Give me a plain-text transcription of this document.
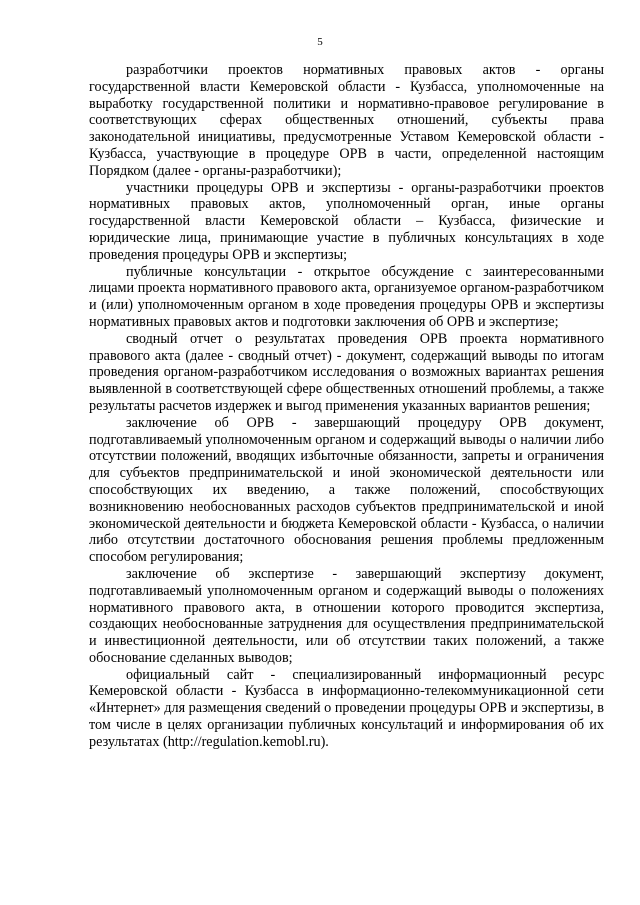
5

разработчики проектов нормативных правовых актов - органы государственной власти Кемеровской области - Кузбасса, уполномоченные на выработку государственной политики и нормативно-правовое регулирование в соответствующих сферах общественных отношений, субъекты права законодательной инициативы, предусмотренные Уставом Кемеровской области - Кузбасса, участвующие в процедуре ОРВ в части, определенной настоящим Порядком (далее - органы-разработчики);

участники процедуры ОРВ и экспертизы - органы-разработчики проектов нормативных правовых актов, уполномоченный орган, иные органы государственной власти Кемеровской области – Кузбасса, физические и юридические лица, принимающие участие в публичных консультациях в ходе проведения процедуры ОРВ и экспертизы;

публичные консультации - открытое обсуждение с заинтересованными лицами проекта нормативного правового акта, организуемое органом-разработчиком и (или) уполномоченным органом в ходе проведения процедуры ОРВ и экспертизы нормативных правовых актов и подготовки заключения об ОРВ и экспертизе;

сводный отчет о результатах проведения ОРВ проекта нормативного правового акта (далее - сводный отчет) - документ, содержащий выводы по итогам проведения органом-разработчиком исследования о возможных вариантах решения выявленной в соответствующей сфере общественных отношений проблемы, а также результаты расчетов издержек и выгод применения указанных вариантов решения;

заключение об ОРВ - завершающий процедуру ОРВ документ, подготавливаемый уполномоченным органом и содержащий выводы о наличии либо отсутствии положений, вводящих избыточные обязанности, запреты и ограничения для субъектов предпринимательской и иной экономической деятельности или способствующих их введению, а также положений, способствующих возникновению необоснованных расходов субъектов предпринимательской и иной экономической деятельности и бюджета Кемеровской области - Кузбасса, о наличии либо отсутствии достаточного обоснования решения проблемы предложенным способом регулирования;

заключение об экспертизе - завершающий экспертизу документ, подготавливаемый уполномоченным органом и содержащий выводы о положениях нормативного правового акта, в отношении которого проводится экспертиза, создающих необоснованные затруднения для осуществления предпринимательской и инвестиционной деятельности, или об отсутствии таких положений, а также обоснование сделанных выводов;

официальный сайт - специализированный информационный ресурс Кемеровской области - Кузбасса в информационно-телекоммуникационной сети «Интернет» для размещения сведений о проведении процедуры ОРВ и экспертизы, в том числе в целях организации публичных консультаций и информирования об их результатах (http://regulation.kemobl.ru).
